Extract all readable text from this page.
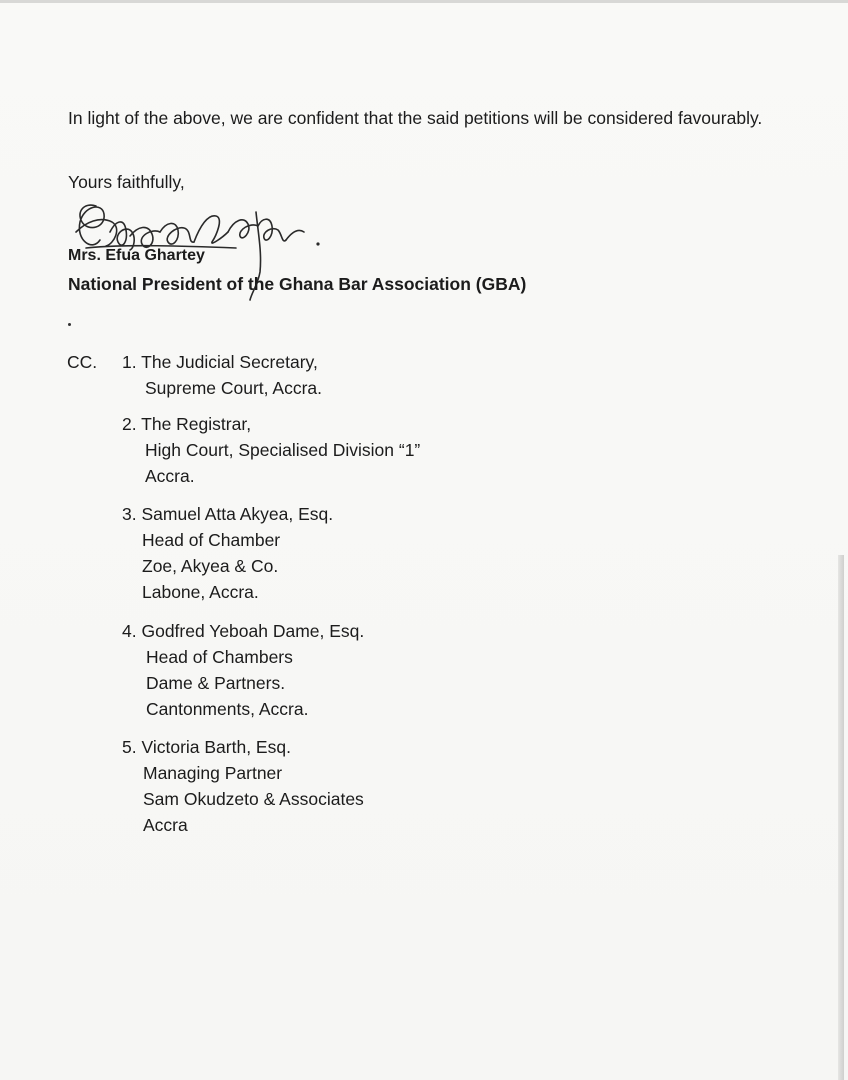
In light of the above, we are confident that the said petitions will be considered favourably.

Yours faithfully,

Mrs. Efua Ghartey

National President of the Ghana Bar Association (GBA)

CC. 1. The Judicial Secretary,
Supreme Court, Accra.
2. The Registrar,
High Court, Specialised Division “1”
Accra.
3. Samuel Atta Akyea, Esq.
Head of Chamber
Zoe, Akyea & Co.
Labone, Accra.
4. Godfred Yeboah Dame, Esq.
Head of Chambers
Dame & Partners.
Cantonments, Accra.
5. Victoria Barth, Esq.
Managing Partner
Sam Okudzeto & Associates
Accra
